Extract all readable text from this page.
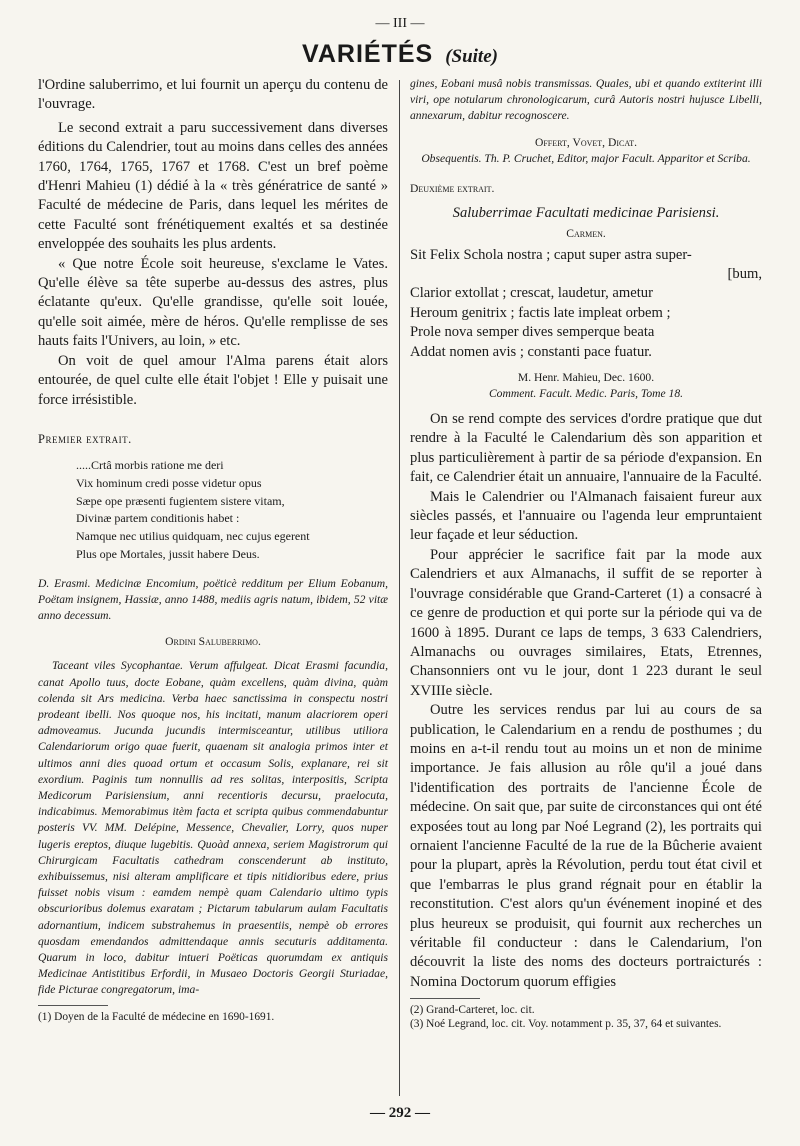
— III —
VARIÉTÉS (Suite)

l'Ordine saluberrimo, et lui fournit un aperçu du contenu de l'ouvrage.

Le second extrait a paru successivement dans diverses éditions du Calendrier, tout au moins dans celles des années 1760, 1764, 1765, 1767 et 1768. C'est un bref poème d'Henri Mahieu (1) dédié à la « très génératrice de santé » Faculté de médecine de Paris, dans lequel les mérites de cette Faculté sont frénétiquement exaltés et sa destinée enveloppée des souhaits les plus ardents.

« Que notre École soit heureuse, s'exclame le Vates. Qu'elle élève sa tête superbe au-dessus des astres, plus éclatante qu'eux. Qu'elle grandisse, qu'elle soit louée, qu'elle soit aimée, mère de héros. Qu'elle remplisse de ses hauts faits l'Univers, au loin, » etc.

On voit de quel amour l'Alma parens était alors entourée, de quel culte elle était l'objet ! Elle y puisait une force irrésistible.

Premier extrait.
.....Crtâ morbis ratione me deri
Vix hominum credi posse videtur opus
Sæpe ope præsenti fugientem sistere vitam,
Divinæ partem conditionis habet :
Namque nec utilius quidquam, nec cujus egerent
Plus ope Mortales, jussit habere Deus.

D. Erasmi. Medicinæ Encomium, poëticè redditum per Elium Eobanum, Poëtam insignem, Hassiæ, anno 1488, mediis agris natum, ibidem, 52 vitæ anno decessum.

Ordini Saluberrimo.

Taceant viles Sycophantae. Verum affulgeat. Dicat Erasmi facundia, canat Apollo tuus, docte Eobane, quàm excellens, quàm divina, quàm colenda sit Ars medicina. Verba haec sanctissima in conspectu nostri prodeant ibelli. Nos quoque nos, his incitati, manum alacriorem operi admoveamus. Jucunda jucundis intermisceantur, utilibus utiliora Calendariorum origo quae fuerit, quaenam sit analogia primos inter et ultimos anni dies quoad ortum et occasum Solis, explanare, rei sit exordium. Paginis tum nonnullis ad res solitas, interpositis, Scripta Medicorum Parisiensium, anni recentioris decursu, praelocuta, indicabimus. Memorabimus itèm facta et scripta quibus commendabuntur posteris VV. MM. Delépine, Messence, Chevalier, Lorry, quos nuper lugeris ereptos, diuque lugebitis. Quoàd annexa, seriem Magistrorum qui Chirurgicam Facultatis cathedram conscenderunt ab instituto, exhibuissemus, nisi alteram amplificare et tipis nitidioribus edere, prius fuisset nobis visum : eamdem nempè quam Calendario ultimo typis obscurioribus dolemus exaratam ; Pictarum tabularum aulam Facultatis adornantium, indicem substrahemus in praesentiis, nempè ob errores quosdam emendandos admittendaque annis secuturis additamenta. Quarum in loco, dabitur intueri Poëticas quorumdam ex antiquis Medicinae Antistitibus Erfordii, in Musaeo Doctoris Georgii Sturiadae, fide Picturae congregatorum, ima-

(1) Doyen de la Faculté de médecine en 1690-1691.

gines, Eobani musâ nobis transmissas. Quales, ubi et quando extiterint illi viri, ope notularum chronologicarum, curâ Autoris nostri hujusce Libelli, annexarum, dabitur recognoscere.

Offert, Vovet, Dicat.

Obsequentis. Th. P. Cruchet, Editor, major Facult. Apparitor et Scriba.

Deuxième extrait.
Saluberrimae Facultati medicinae Parisiensi.
Carmen.
Sit Felix Schola nostra ; caput super astra super-
[bum,
Clarior extollat ; crescat, laudetur, ametur
Heroum genitrix ; factis late impleat orbem ;
Prole nova semper dives semperque beata
Addat nomen avis ; constanti pace fuatur.
M. Henr. Mahieu, Dec. 1600.
Comment. Facult. Medic. Paris, Tome 18.

On se rend compte des services d'ordre pratique que dut rendre à la Faculté le Calendarium dès son apparition et plus particulièrement à partir de sa période d'expansion. En fait, ce Calendrier était un annuaire, l'annuaire de la Faculté.

Mais le Calendrier ou l'Almanach faisaient fureur aux siècles passés, et l'annuaire ou l'agenda leur empruntaient leur façade et leur séduction.

Pour apprécier le sacrifice fait par la mode aux Calendriers et aux Almanachs, il suffit de se reporter à l'ouvrage considérable que Grand-Carteret (1) a consacré à ce genre de production et qui porte sur la période qui va de 1600 à 1895. Durant ce laps de temps, 3 633 Calendriers, Almanachs ou ouvrages similaires, Etats, Etrennes, Chansonniers ont vu le jour, dont 1 223 durant le seul XVIIIe siècle.

Outre les services rendus par lui au cours de sa publication, le Calendarium en a rendu de posthumes ; du moins en a-t-il rendu tout au moins un et non de minime importance. Je fais allusion au rôle qu'il a joué dans l'identification des portraits de l'ancienne École de médecine. On sait que, par suite de circonstances qui ont été exposées tout au long par Noé Legrand (2), les portraits qui ornaient l'ancienne Faculté de la rue de la Bûcherie avaient pour la plupart, après la Révolution, perdu tout état civil et que l'embarras le plus grand régnait pour en établir la reconstitution. C'est alors qu'un événement inopiné et des plus heureux se produisit, qui fournit aux recherches un véritable fil conducteur : dans le Calendarium, l'on découvrit la liste des noms des docteurs portraicturés : Nomina Doctorum quorum effigies

(2) Grand-Carteret, loc. cit.

(3) Noé Legrand, loc. cit. Voy. notamment p. 35, 37, 64 et suivantes.

— 292 —
